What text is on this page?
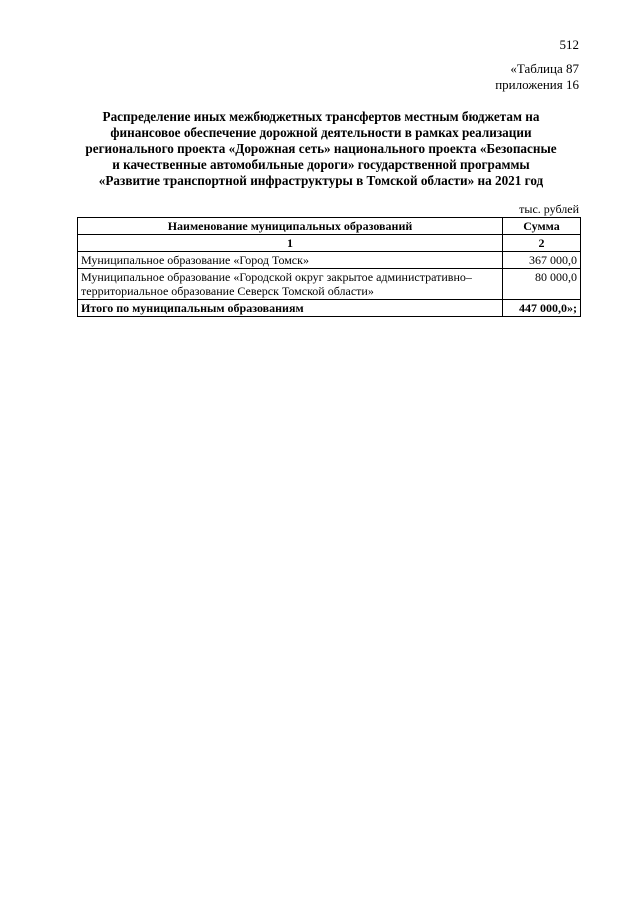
512
«Таблица 87
приложения 16
Распределение иных межбюджетных трансфертов местным бюджетам на
финансовое обеспечение дорожной деятельности в рамках реализации
регионального проекта «Дорожная сеть» национального проекта «Безопасные
и качественные автомобильные дороги» государственной программы
«Развитие транспортной инфраструктуры в Томской области» на 2021 год
тыс. рублей
Наименование муниципальных образований	Сумма
1	2
Муниципальное образование «Город Томск»	367 000,0
Муниципальное образование «Городской округ закрытое административно–территориальное образование Северск Томской области»	80 000,0
Итого по муниципальным образованиям	447 000,0»;
